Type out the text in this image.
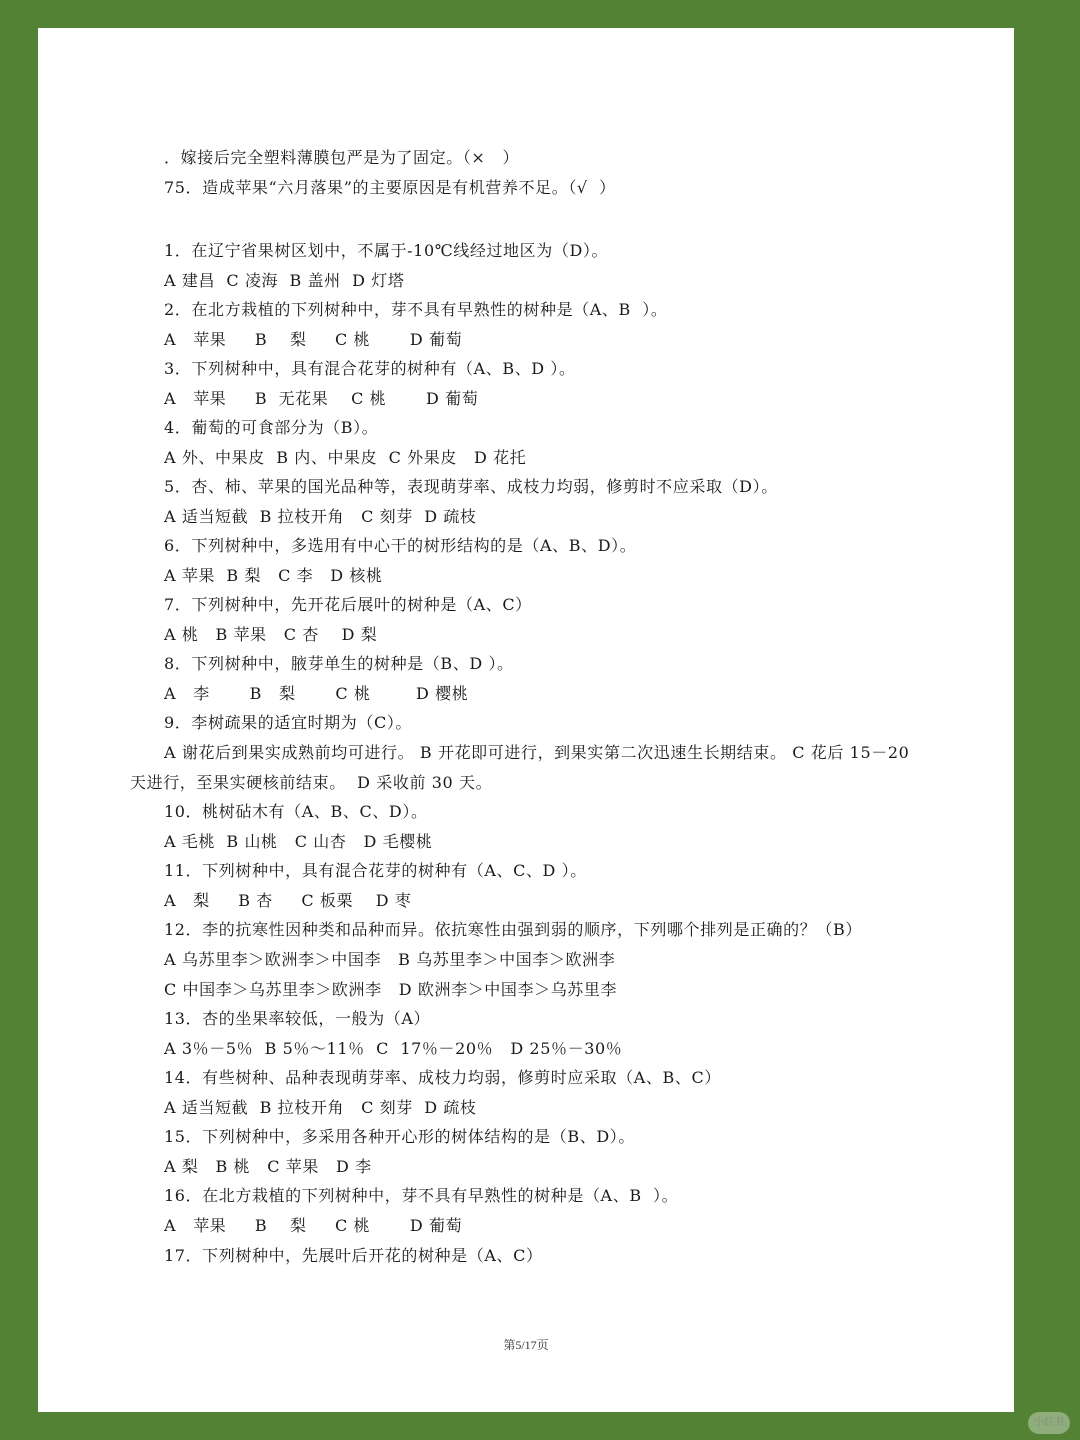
．嫁接后完全塑料薄膜包严是为了固定。（×   ）
75．造成苹果“六月落果”的主要原因是有机营养不足。（√  ）
1．在辽宁省果树区划中，不属于-10℃线经过地区为（D）。
A 建昌  C 凌海  B 盖州  D 灯塔
2．在北方栽植的下列树种中，芽不具有早熟性的树种是（A、B  ）。
A   苹果     B    梨     C 桃       D 葡萄
3．下列树种中，具有混合花芽的树种有（A、B、D ）。
A   苹果     B  无花果    C 桃       D 葡萄
4．葡萄的可食部分为（B）。
A 外、中果皮  B 内、中果皮  C 外果皮   D 花托
5．杏、柿、苹果的国光品种等，表现萌芽率、成枝力均弱，修剪时不应采取（D）。
A 适当短截  B 拉枝开角   C 刻芽  D 疏枝
6．下列树种中，多选用有中心干的树形结构的是（A、B、D）。
A 苹果  B 梨   C 李   D 核桃
7．下列树种中，先开花后展叶的树种是（A、C）
A 桃   B 苹果   C 杏    D 梨
8．下列树种中，腋芽单生的树种是（B、D ）。
A   李       B   梨       C 桃        D 樱桃
9．李树疏果的适宜时期为（C）。
A 谢花后到果实成熟前均可进行。 B 开花即可进行，到果实第二次迅速生长期结束。 C 花后 15－20
天进行，至果实硬核前结束。  D 采收前 30 天。
10．桃树砧木有（A、B、C、D）。
A 毛桃  B 山桃   C 山杏   D 毛樱桃
11．下列树种中，具有混合花芽的树种有（A、C、D ）。
A   梨     B 杏     C 板栗    D 枣
12．李的抗寒性因种类和品种而异。依抗寒性由强到弱的顺序，下列哪个排列是正确的？（B）
A 乌苏里李＞欧洲李＞中国李   B 乌苏里李＞中国李＞欧洲李
C 中国李＞乌苏里李＞欧洲李   D 欧洲李＞中国李＞乌苏里李
13．杏的坐果率较低，一般为（A）
A 3％－5％  B 5％～11％  C  17％－20％   D 25％－30％
14．有些树种、品种表现萌芽率、成枝力均弱，修剪时应采取（A、B、C）
A 适当短截  B 拉枝开角   C 刻芽  D 疏枝
15．下列树种中，多采用各种开心形的树体结构的是（B、D）。
A 梨   B 桃   C 苹果   D 李
16．在北方栽植的下列树种中，芽不具有早熟性的树种是（A、B  ）。
A   苹果     B    梨     C 桃       D 葡萄
17．下列树种中，先展叶后开花的树种是（A、C）
第5/17页
小红书
